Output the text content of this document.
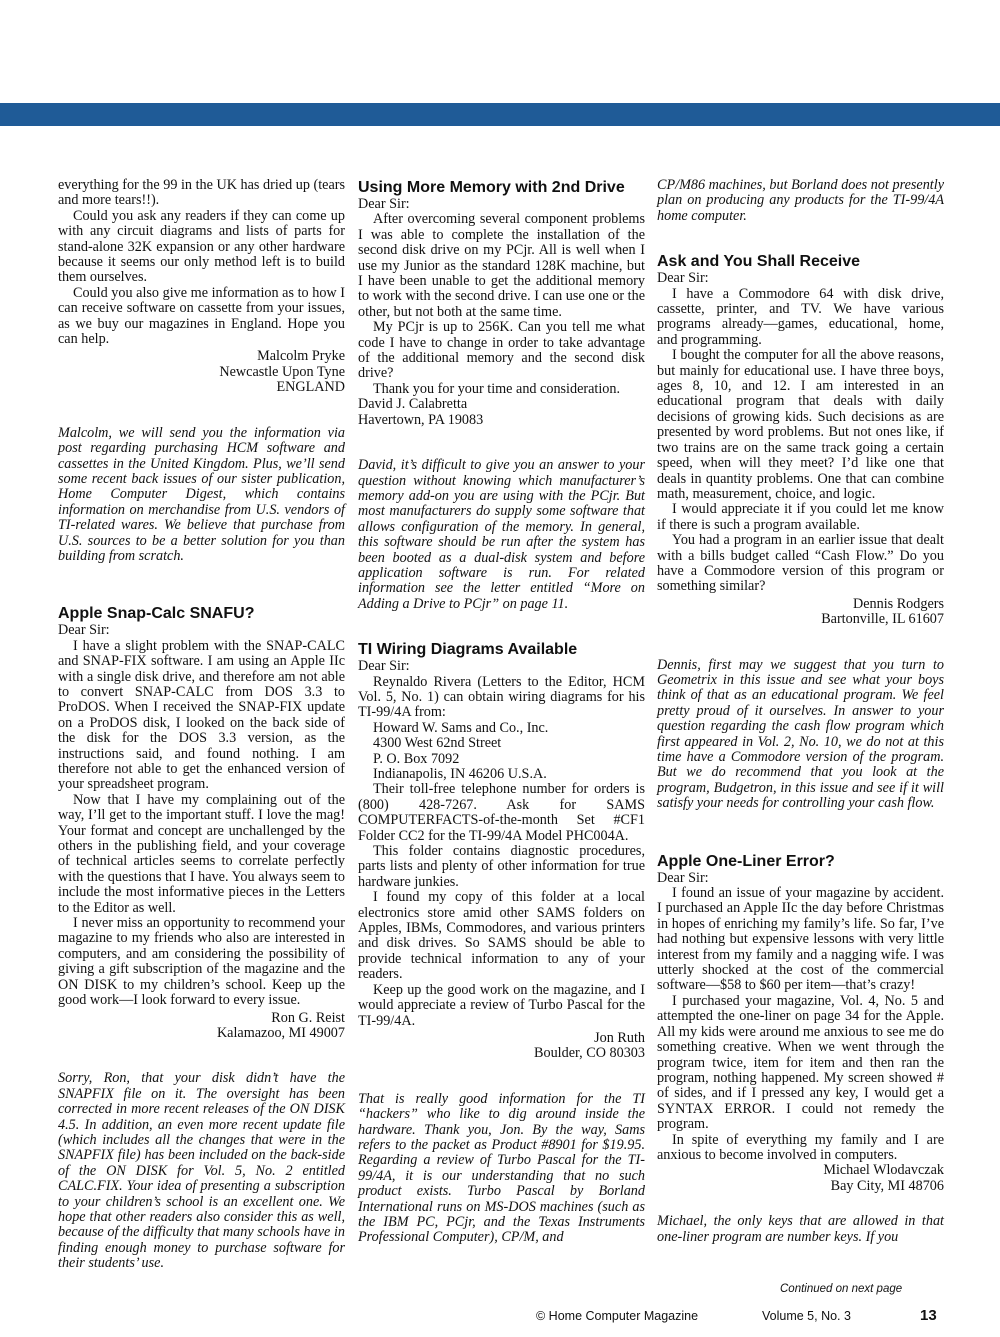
everything for the 99 in the UK has dried up (tears and more tears!!).

Could you ask any readers if they can come up with any circuit diagrams and lists of parts for stand-alone 32K expansion or any other hardware because it seems our only method left is to build them ourselves.

Could you also give me information as to how I can receive software on cassette from your issues, as we buy our magazines in England. Hope you can help.

Malcolm Pryke
Newcastle Upon Tyne
ENGLAND
Malcolm, we will send you the information via post regarding purchasing HCM software and cassettes in the United Kingdom. Plus, we’ll send some recent back issues of our sister publication, Home Computer Digest, which contains information on merchandise from U.S. vendors of TI-related wares. We believe that purchase from U.S. sources to be a better solution for you than building from scratch.
Apple Snap-Calc SNAFU?

Dear Sir:

I have a slight problem with the SNAP-CALC and SNAP-FIX software. I am using an Apple IIc with a single disk drive, and therefore am not able to convert SNAP-CALC from DOS 3.3 to ProDOS. When I received the SNAP-FIX update on a ProDOS disk, I looked on the back side of the disk for the DOS 3.3 version, as the instructions said, and found nothing. I am therefore not able to get the enhanced version of your spreadsheet program.

Now that I have my complaining out of the way, I’ll get to the important stuff. I love the mag! Your format and concept are unchallenged by the others in the publishing field, and your coverage of technical articles seems to correlate perfectly with the questions that I have. You always seem to include the most informative pieces in the Letters to the Editor as well.

I never miss an opportunity to recommend your magazine to my friends who also are interested in computers, and am considering the possibility of giving a gift subscription of the magazine and the ON DISK to my children’s school. Keep up the good work—I look forward to every issue.

Ron G. Reist
Kalamazoo, MI 49007
Sorry, Ron, that your disk didn’t have the SNAPFIX file on it. The oversight has been corrected in more recent releases of the ON DISK 4.5. In addition, an even more recent update file (which includes all the changes that were in the SNAPFIX file) has been included on the back-side of the ON DISK for Vol. 5, No. 2 entitled CALC.FIX. Your idea of presenting a subscription to your children’s school is an excellent one. We hope that other readers also consider this as well, because of the difficulty that many schools have in finding enough money to purchase software for their students’ use.
Using More Memory with 2nd Drive

Dear Sir:

After overcoming several component problems I was able to complete the installation of the second disk drive on my PCjr. All is well when I use my Junior as the standard 128K machine, but I have been unable to get the additional memory to work with the second drive. I can use one or the other, but not both at the same time.

My PCjr is up to 256K. Can you tell me what code I have to change in order to take advantage of the additional memory and the second disk drive?

Thank you for your time and consideration.

David J. Calabretta
Havertown, PA 19083
David, it’s difficult to give you an answer to your question without knowing which manufacturer’s memory add-on you are using with the PCjr. But most manufacturers do supply some software that allows configuration of the memory. In general, this software should be run after the system has been booted as a dual-disk system and before application software is run. For related information see the letter entitled “More on Adding a Drive to PCjr” on page 11.
TI Wiring Diagrams Available

Dear Sir:

Reynaldo Rivera (Letters to the Editor, HCM Vol. 5, No. 1) can obtain wiring diagrams for his TI-99/4A from:

Howard W. Sams and Co., Inc.

4300 West 62nd Street

P. O. Box 7092

Indianapolis, IN 46206 U.S.A.

Their toll-free telephone number for orders is (800) 428-7267. Ask for SAMS COMPUTERFACTS-of-the-month Set #CF1 Folder CC2 for the TI-99/4A Model PHC004A.

This folder contains diagnostic procedures, parts lists and plenty of other information for true hardware junkies.

I found my copy of this folder at a local electronics store amid other SAMS folders on Apples, IBMs, Commodores, and various printers and disk drives. So SAMS should be able to provide technical information to any of your readers.

Keep up the good work on the magazine, and I would appreciate a review of Turbo Pascal for the TI-99/4A.

Jon Ruth
Boulder, CO 80303
That is really good information for the TI “hackers” who like to dig around inside the hardware. Thank you, Jon. By the way, Sams refers to the packet as Product #8901 for $19.95. Regarding a review of Turbo Pascal for the TI-99/4A, it is our understanding that no such product exists. Turbo Pascal by Borland International runs on MS-DOS machines (such as the IBM PC, PCjr, and the Texas Instruments Professional Computer), CP/M, and
CP/M86 machines, but Borland does not presently plan on producing any products for the TI-99/4A home computer.
Ask and You Shall Receive

Dear Sir:

I have a Commodore 64 with disk drive, cassette, printer, and TV. We have various programs already—games, educational, home, and programming.

I bought the computer for all the above reasons, but mainly for educational use. I have three boys, ages 8, 10, and 12. I am interested in an educational program that deals with daily decisions of growing kids. Such decisions as are presented by word problems. But not ones like, if two trains are on the same track going a certain speed, when will they meet? I’d like one that deals in quantity problems. One that can combine math, measurement, choice, and logic.

I would appreciate it if you could let me know if there is such a program available.

You had a program in an earlier issue that dealt with a bills budget called “Cash Flow.” Do you have a Commodore version of this program or something similar?

Dennis Rodgers
Bartonville, IL 61607
Dennis, first may we suggest that you turn to Geometrix in this issue and see what your boys think of that as an educational program. We feel pretty proud of it ourselves. In answer to your question regarding the cash flow program which first appeared in Vol. 2, No. 10, we do not at this time have a Commodore version of the program. But we do recommend that you look at the program, Budgetron, in this issue and see if it will satisfy your needs for controlling your cash flow.
Apple One-Liner Error?

Dear Sir:

I found an issue of your magazine by accident. I purchased an Apple IIc the day before Christmas in hopes of enriching my family’s life. So far, I’ve had nothing but expensive lessons with very little interest from my family and a nagging wife. I was utterly shocked at the cost of the commercial software—$58 to $60 per item—that’s crazy!

I purchased your magazine, Vol. 4, No. 5 and attempted the one-liner on page 34 for the Apple. All my kids were around me anxious to see me do something creative. When we went through the program twice, item for item and then ran the program, nothing happened. My screen showed # of sides, and if I pressed any key, I would get a SYNTAX ERROR. I could not remedy the program.

In spite of everything my family and I are anxious to become involved in computers.

Michael Wlodavczak
Bay City, MI 48706
Michael, the only keys that are allowed in that one-liner program are number keys. If you
Continued on next page
© Home Computer Magazine	Volume 5, No. 3	13
